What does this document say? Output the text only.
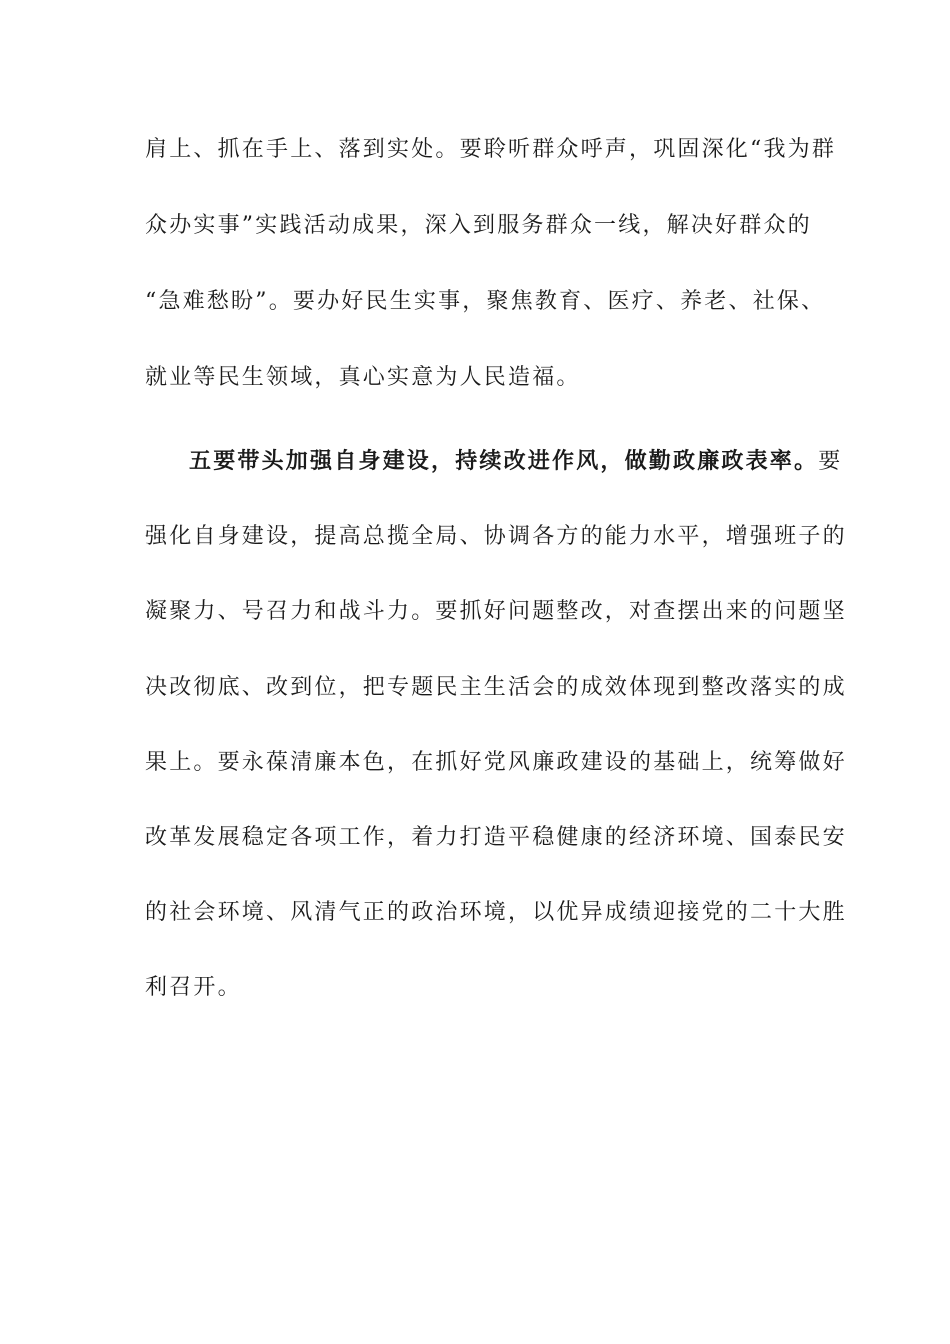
肩上、抓在手上、落到实处。要聆听群众呼声，巩固深化“我为群
众办实事”实践活动成果，深入到服务群众一线，解决好群众的
“急难愁盼”。要办好民生实事，聚焦教育、医疗、养老、社保、
就业等民生领域，真心实意为人民造福。
五要带头加强自身建设，持续改进作风，做勤政廉政表率。要
强化自身建设，提高总揽全局、协调各方的能力水平，增强班子的
凝聚力、号召力和战斗力。要抓好问题整改，对查摆出来的问题坚
决改彻底、改到位，把专题民主生活会的成效体现到整改落实的成
果上。要永葆清廉本色，在抓好党风廉政建设的基础上，统筹做好
改革发展稳定各项工作，着力打造平稳健康的经济环境、国泰民安
的社会环境、风清气正的政治环境，以优异成绩迎接党的二十大胜
利召开。
